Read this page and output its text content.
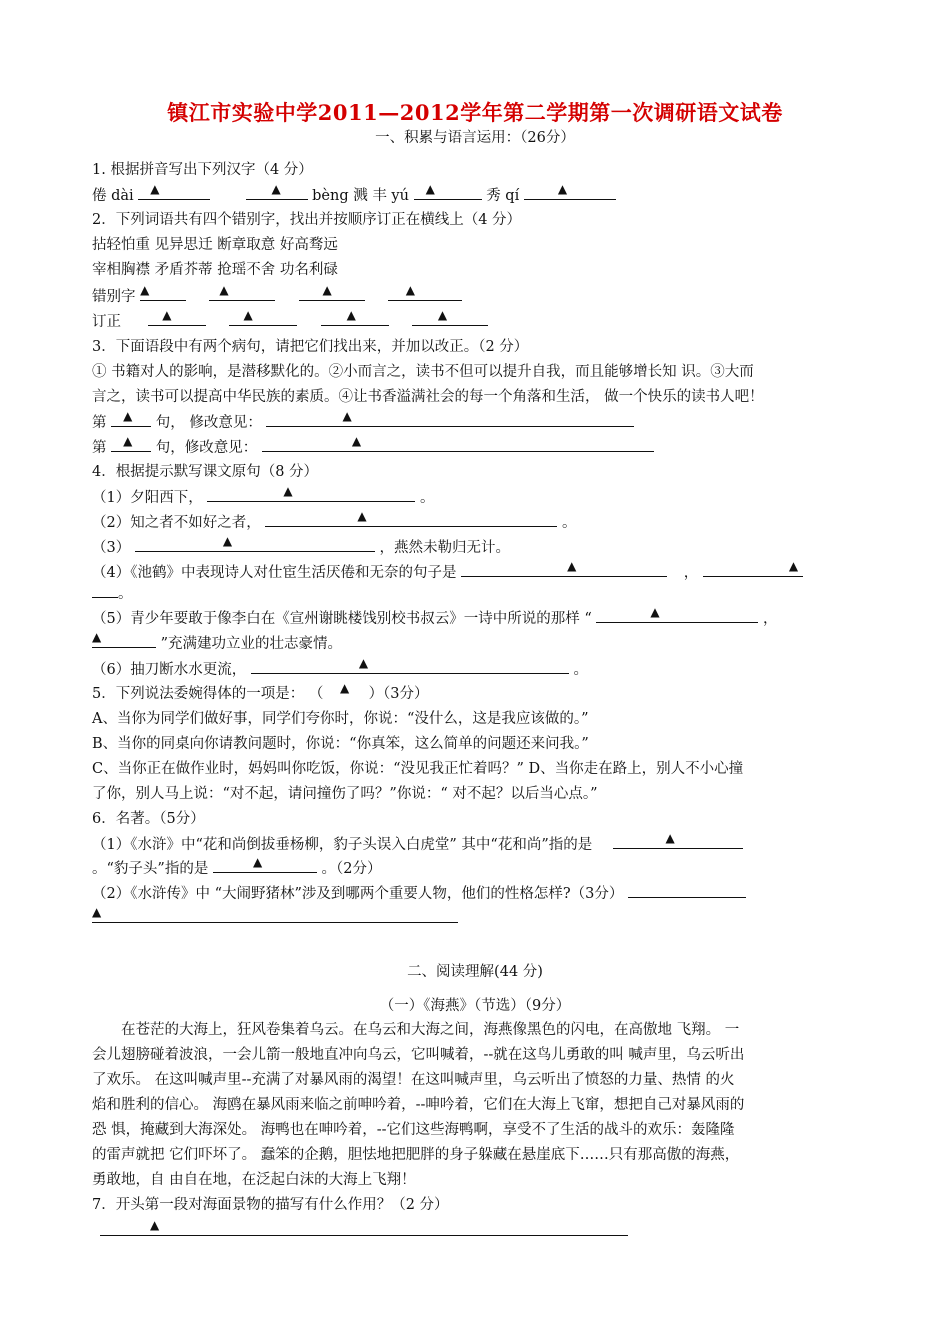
镇江市实验中学2011—2012学年第二学期第一次调研语文试卷
一、积累与语言运用：（26分）
1. 根据拼音写出下列汉字（4 分）
倦 dài ▲
	▲ bèng 溅 丰 yú ▲	秀 qí	▲
2．下列词语共有四个错别字，找出并按顺序订正在横线上（4 分）
拈轻怕重 见异思迁 断章取意 好高骛远
宰相胸襟 矛盾芥蒂 抢瑶不舍 功名利碌
错别字 ▲
	▲
	▲
	▲
订正	▲
	▲
	▲
	▲
3．下面语段中有两个病句，请把它们找出来，并加以改正。（2 分）
① 书籍对人的影响，是潜移默化的。②小而言之，读书不但可以提升自我，而且能够增长知 识。③大而
言之，读书可以提高中华民族的素质。④让书香溢满社会的每一个角落和生活， 做一个快乐的读书人吧！
第 ▲ 句， 修改意见：	▲
第 ▲ 句，修改意见：	▲
4．根据提示默写课文原句（8 分）
（1）夕阳西下，	▲	。
（2）知之者不如好之者，	▲	。
（3）	▲	，燕然未勒归无计。
（4）《池鹤》中表现诗人对仕宦生活厌倦和无奈的句子是	▲	，	▲
。
（5）青少年要敢于像李白在《宣州谢眺楼饯别校书叔云》一诗中所说的那样 “	▲	，
▲	”充满建功立业的壮志豪情。
（6）抽刀断水水更流，	▲	。
5．下列说法委婉得体的一项是： （ ▲ ）（3分）
A、当你为同学们做好事，同学们夸你时，你说：“没什么，这是我应该做的。”
B、当你的同桌向你请教问题时，你说：“你真笨，这么简单的问题还来问我。”
C、当你正在做作业时，妈妈叫你吃饭，你说：“没见我正忙着吗？” D、当你走在路上，别人不小心撞
了你，别人马上说：“对不起，请问撞伤了吗？”你说：“ 对不起？以后当心点。”
6．名著。（5分）
（1）《水浒》中“花和尚倒拔垂杨柳，豹子头误入白虎堂” 其中“花和尚”指的是	▲
。“豹子头”指的是	▲	。（2分）
（2）《水浒传》中 “大闹野猪林”涉及到哪两个重要人物，他们的性格怎样?（3分）
▲
二、阅读理解(44 分)
（一）《海燕》（节选）（9分）
在苍茫的大海上，狂风卷集着乌云。在乌云和大海之间，海燕像黑色的闪电，在高傲地 飞翔。 一
会儿翅膀碰着波浪，一会儿箭一般地直冲向乌云，它叫喊着，--就在这鸟儿勇敢的叫 喊声里，乌云听出
了欢乐。 在这叫喊声里--充满了对暴风雨的渴望！在这叫喊声里，乌云听出了愤怒的力量、热情 的火
焰和胜利的信心。 海鸥在暴风雨来临之前呻吟着，--呻吟着，它们在大海上飞窜，想把自己对暴风雨的
恐 惧，掩藏到大海深处。 海鸭也在呻吟着，--它们这些海鸭啊，享受不了生活的战斗的欢乐：轰隆隆
的雷声就把 它们吓坏了。 蠢笨的企鹅，胆怯地把肥胖的身子躲藏在悬崖底下……只有那高傲的海燕，
勇敢地，自 由自在地，在泛起白沫的大海上飞翔！
7．开头第一段对海面景物的描写有什么作用？（2 分）
▲
